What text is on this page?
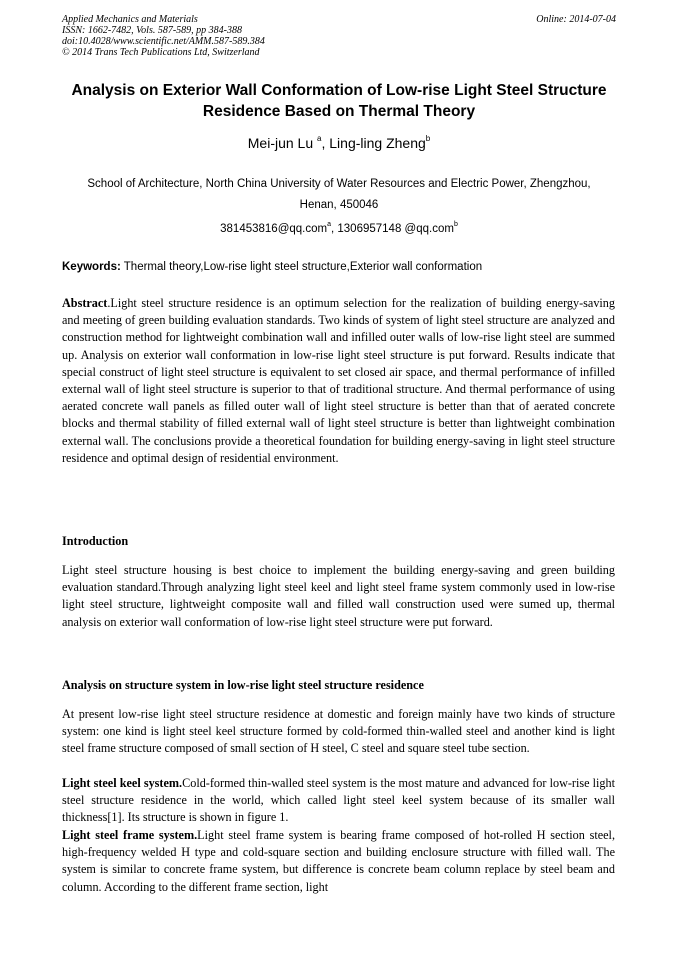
Applied Mechanics and Materials
ISSN: 1662-7482, Vols. 587-589, pp 384-388
doi:10.4028/www.scientific.net/AMM.587-589.384
© 2014 Trans Tech Publications Ltd, Switzerland
Online: 2014-07-04
Analysis on Exterior Wall Conformation of Low-rise Light Steel Structure
Residence Based on Thermal Theory
Mei-jun Lu $^a$, Ling-ling Zheng$^b$
School of Architecture, North China University of Water Resources and Electric Power, Zhengzhou,
Henan, 450046
381453816@qq.com$^a$, 1306957148 @qq.com$^b$
Keywords: Thermal theory,Low-rise light steel structure,Exterior wall conformation
Abstract.Light steel structure residence is an optimum selection for the realization of building energy-saving and meeting of green building evaluation standards. Two kinds of system of light steel structure are analyzed and construction method for lightweight combination wall and infilled outer walls of low-rise light steel are summed up. Analysis on exterior wall conformation in low-rise light steel structure is put forward. Results indicate that special construct of light steel structure is equivalent to set closed air space, and thermal performance of infilled external wall of light steel structure is superior to that of traditional structure. And thermal performance of using aerated concrete wall panels as filled outer wall of light steel structure is better than that of aerated concrete blocks and thermal stability of filled external wall of light steel structure is better than lightweight combination external wall. The conclusions provide a theoretical foundation for building energy-saving in light steel structure residence and optimal design of residential environment.
Introduction
Light steel structure housing is best choice to implement the building energy-saving and green building evaluation standard.Through analyzing light steel keel and light steel frame system commonly used in low-rise light steel structure, lightweight composite wall and filled wall construction used were sumed up, thermal analysis on exterior wall conformation of low-rise light steel structure were put forward.
Analysis on structure system in low-rise light steel structure residence
At present low-rise light steel structure residence at domestic and foreign mainly have two kinds of structure system: one kind is light steel keel structure formed by cold-formed thin-walled steel and another kind is light steel frame structure composed of small section of H steel, C steel and square steel tube section.
Light steel keel system.Cold-formed thin-walled steel system is the most mature and advanced for low-rise light steel structure residence in the world, which called light steel keel system because of its smaller wall thickness[1]. Its structure is shown in figure 1.
Light steel frame system.Light steel frame system is bearing frame composed of hot-rolled H section steel, high-frequency welded H type and cold-square section and building enclosure structure with filled wall. The system is similar to concrete frame system, but difference is concrete beam column replace by steel beam and column. According to the different frame section, light
